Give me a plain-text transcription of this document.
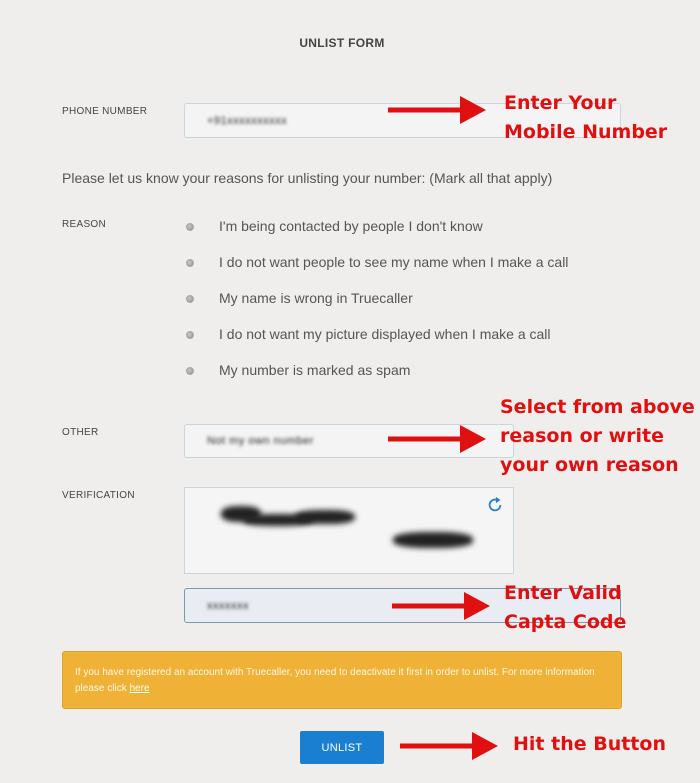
UNLIST FORM
PHONE NUMBER
+91xxxxxxxxxx
Please let us know your reasons for unlisting your number: (Mark all that apply)
REASON	I'm being contacted by people I don't know
I do not want people to see my name when I make a call
My name is wrong in Truecaller
I do not want my picture displayed when I make a call
My number is marked as spam
OTHER
Not my own number
VERIFICATION
xxxxxxx
If you have registered an account with Truecaller, you need to deactivate it first in order to unlist. For more information please click here
UNLIST
Enter Your
Mobile Number
Select from above
reason or write
your own reason
Enter Valid
Capta Code
Hit the Button
